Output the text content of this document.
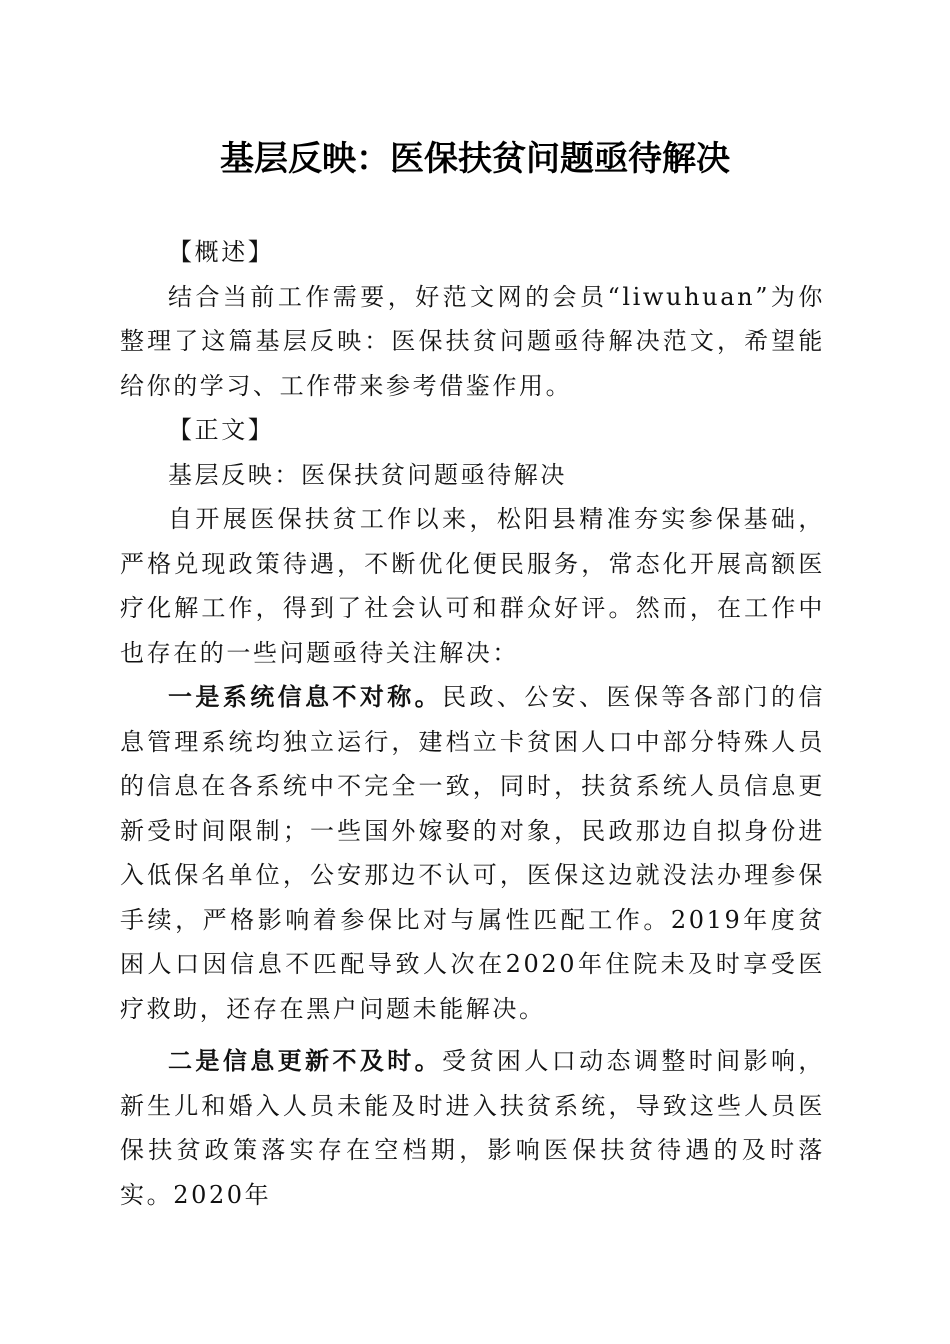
基层反映：医保扶贫问题亟待解决

【概述】

结合当前工作需要，好范文网的会员“liwuhuan”为你整理了这篇基层反映：医保扶贫问题亟待解决范文，希望能给你的学习、工作带来参考借鉴作用。

【正文】

基层反映：医保扶贫问题亟待解决

自开展医保扶贫工作以来，松阳县精准夯实参保基础，严格兑现政策待遇，不断优化便民服务，常态化开展高额医疗化解工作，得到了社会认可和群众好评。然而，在工作中也存在的一些问题亟待关注解决：

一是系统信息不对称。民政、公安、医保等各部门的信息管理系统均独立运行，建档立卡贫困人口中部分特殊人员的信息在各系统中不完全一致，同时，扶贫系统人员信息更新受时间限制；一些国外嫁娶的对象，民政那边自拟身份进入低保名单位，公安那边不认可，医保这边就没法办理参保手续，严格影响着参保比对与属性匹配工作。2019年度贫困人口因信息不匹配导致人次在2020年住院未及时享受医疗救助，还存在黑户问题未能解决。

二是信息更新不及时。受贫困人口动态调整时间影响，新生儿和婚入人员未能及时进入扶贫系统，导致这些人员医保扶贫政策落实存在空档期，影响医保扶贫待遇的及时落实。2020年
